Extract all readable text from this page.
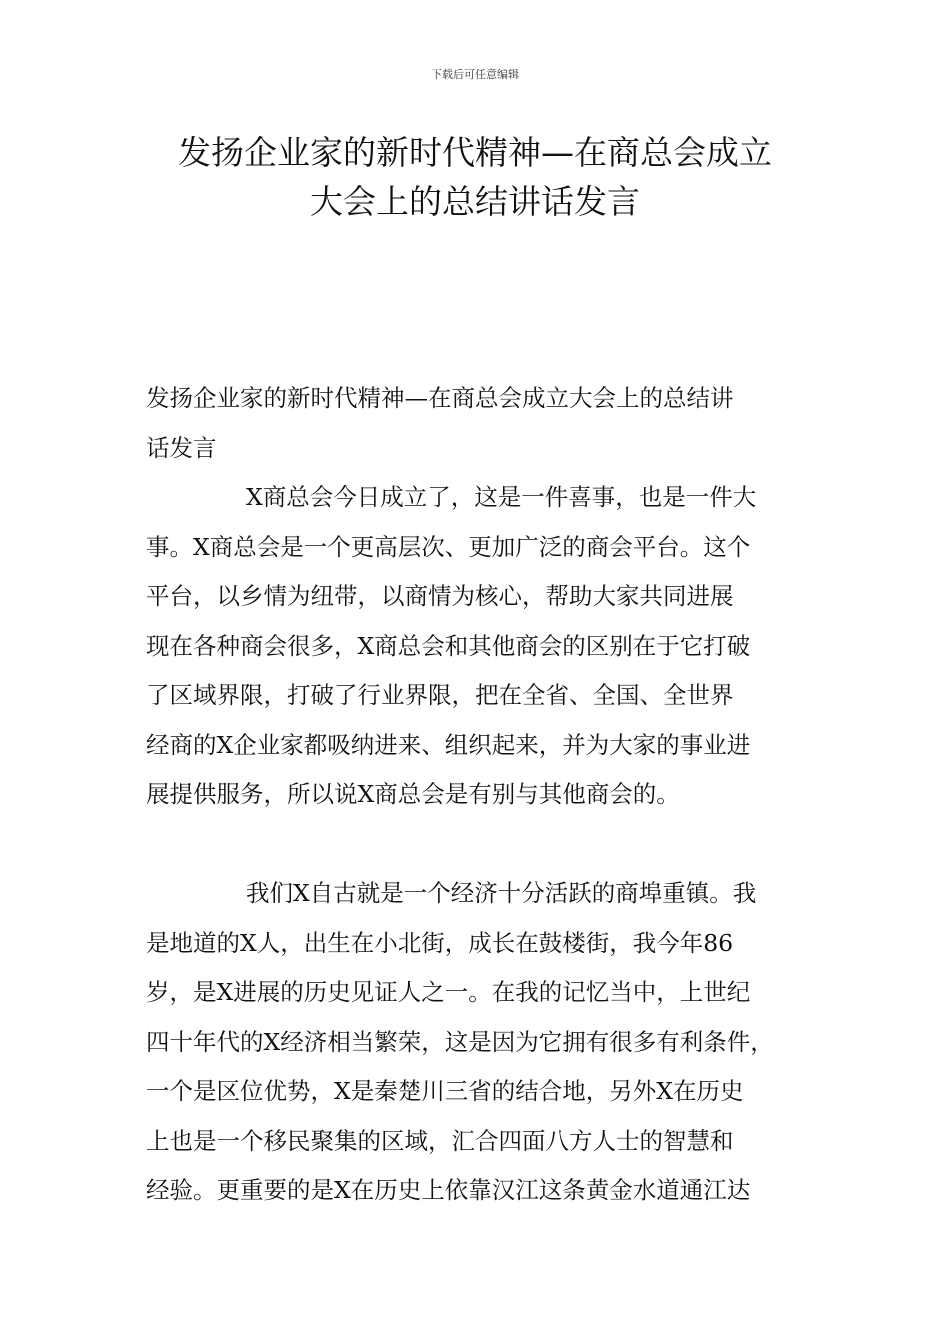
下载后可任意编辑
发扬企业家的新时代精神—在商总会成立
大会上的总结讲话发言
发扬企业家的新时代精神—在商总会成立大会上的总结讲
话发言
X商总会今日成立了，这是一件喜事，也是一件大
事。X商总会是一个更高层次、更加广泛的商会平台。这个
平台，以乡情为纽带，以商情为核心，帮助大家共同进展
现在各种商会很多，X商总会和其他商会的区别在于它打破
了区域界限，打破了行业界限，把在全省、全国、全世界
经商的X企业家都吸纳进来、组织起来，并为大家的事业进
展提供服务，所以说X商总会是有别与其他商会的。
我们X自古就是一个经济十分活跃的商埠重镇。我
是地道的X人，出生在小北街，成长在鼓楼街，我今年86
岁，是X进展的历史见证人之一。在我的记忆当中，上世纪
四十年代的X经济相当繁荣，这是因为它拥有很多有利条件，
一个是区位优势，X是秦楚川三省的结合地，另外X在历史
上也是一个移民聚集的区域，汇合四面八方人士的智慧和
经验。更重要的是X在历史上依靠汉江这条黄金水道通江达
